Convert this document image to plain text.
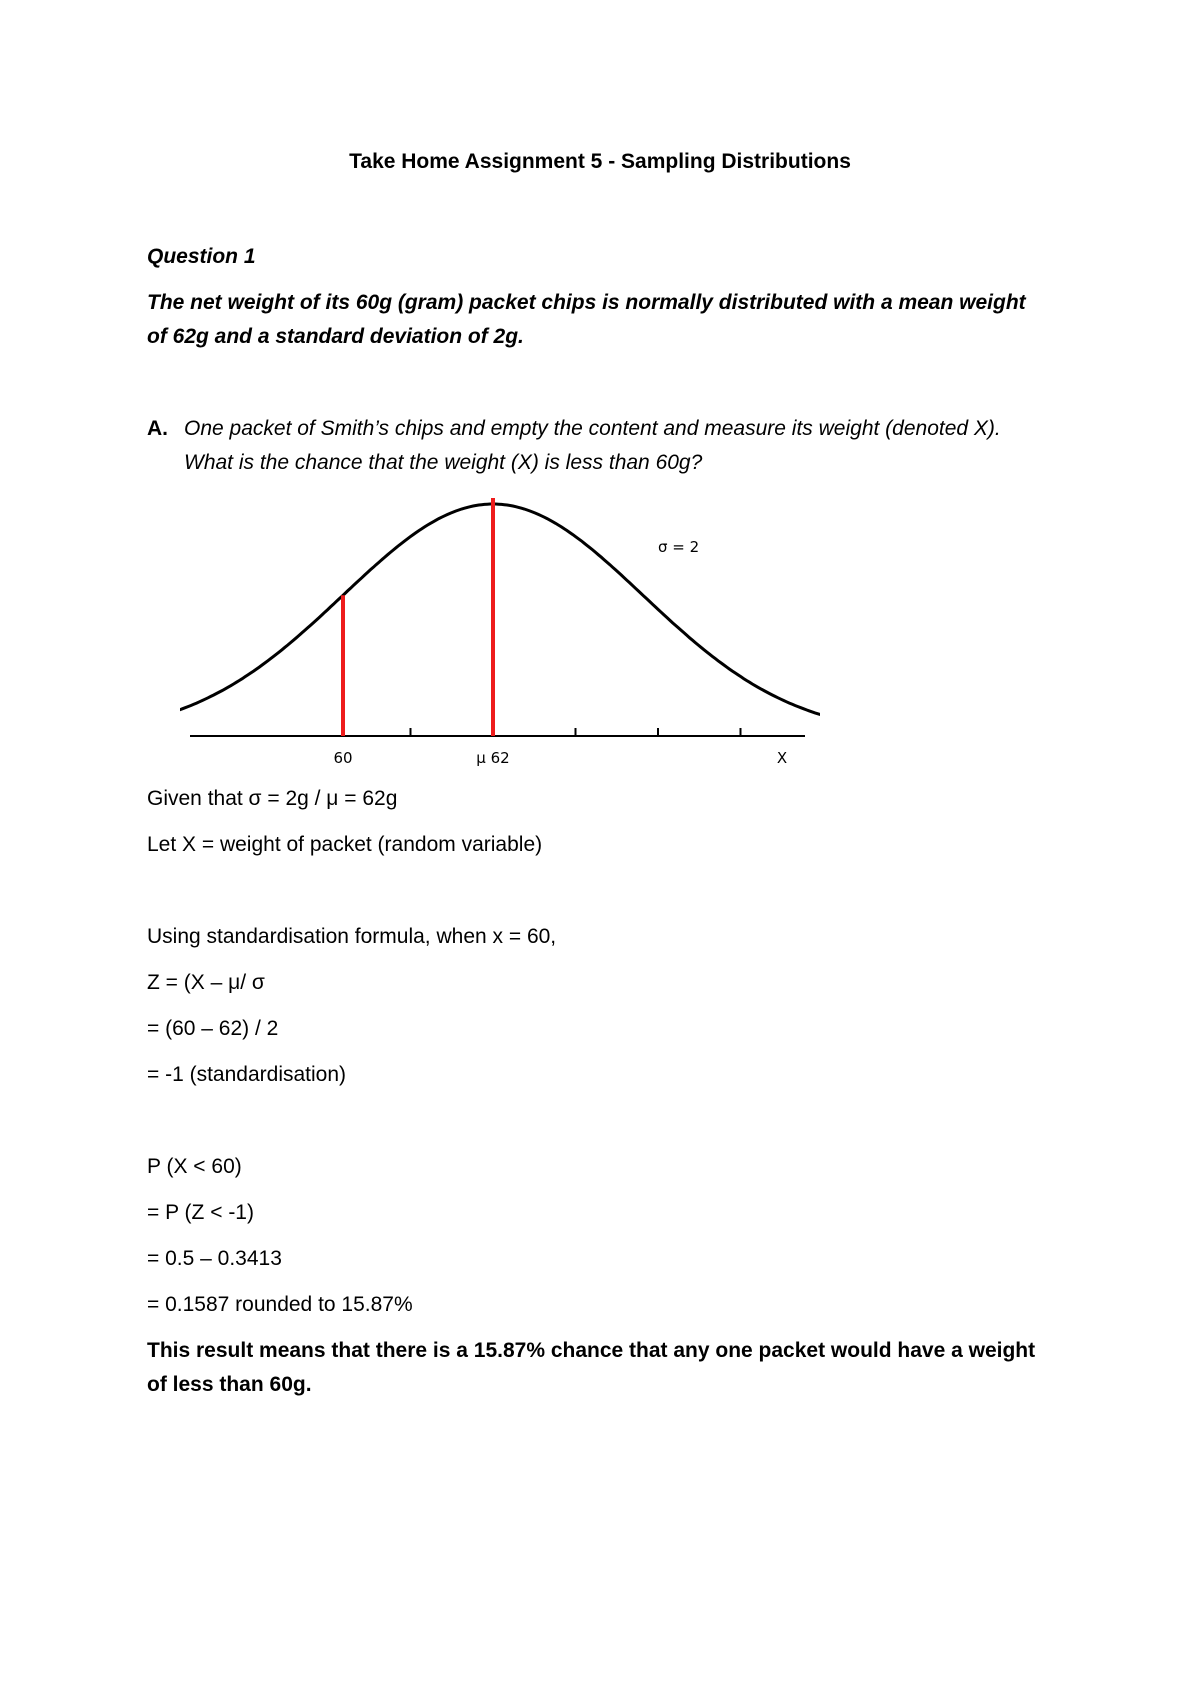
Take Home Assignment 5 - Sampling Distributions
Question 1
The net weight of its 60g (gram) packet chips is normally distributed with a mean weight
of 62g and a standard deviation of 2g.
A. One packet of Smith’s chips and empty the content and measure its weight (denoted X).
What is the chance that the weight (X) is less than 60g?
σ = 2
60	μ 62	X
Given that σ = 2g / μ = 62g
Let X = weight of packet (random variable)
Using standardisation formula, when x = 60,
Z = (X – μ/ σ
= (60 – 62) / 2
= -1 (standardisation)
P (X < 60)
= P (Z < -1)
= 0.5 – 0.3413
= 0.1587 rounded to 15.87%
This result means that there is a 15.87% chance that any one packet would have a weight
of less than 60g.
